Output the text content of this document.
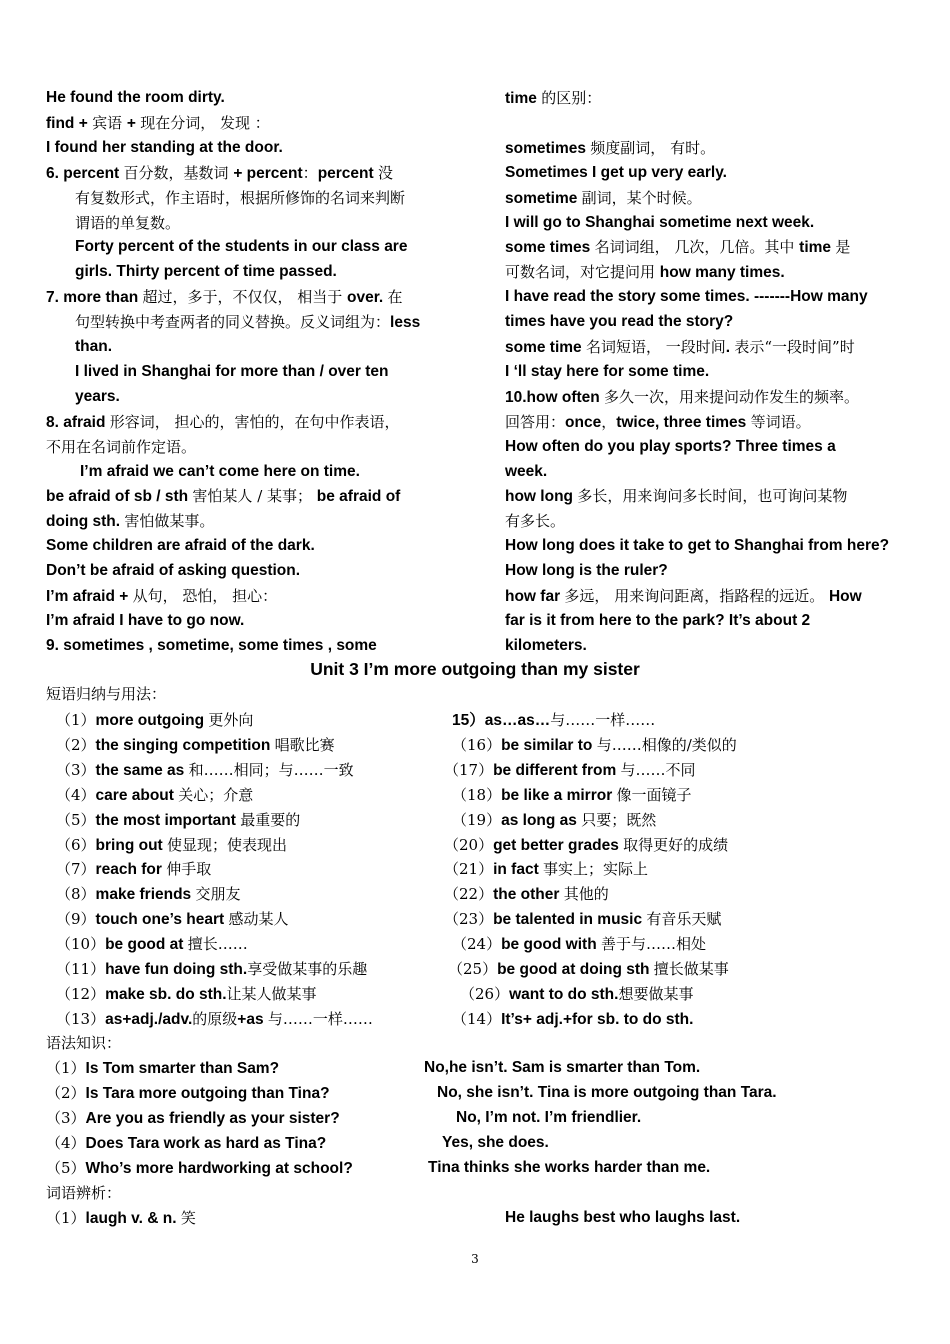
He found the room dirty.
find + 宾语 + 现在分词， 发现 ：
I found her standing at the door.
6. percent 百分数，基数词 + percent：percent 没
有复数形式，作主语时，根据所修饰的名词来判断
谓语的单复数。
Forty percent of the students in our class are
girls. Thirty percent of time passed.
7. more than 超过，多于，不仅仅， 相当于 over. 在
句型转换中考查两者的同义替换。反义词组为：less
than.
I lived in Shanghai for more than / over ten
years.
8. afraid 形容词， 担心的，害怕的，在句中作表语，
不用在名词前作定语。
I’m afraid we can’t come here on time.
be afraid of sb / sth 害怕某人 / 某事； be afraid of
doing sth. 害怕做某事。
Some children are afraid of the dark.
Don’t be afraid of asking question.
I’m afraid + 从句， 恐怕， 担心：
I’m afraid I have to go now.
9. sometimes , sometime, some times , some
time 的区别：
sometimes 频度副词， 有时。
Sometimes I get up very early.
sometime 副词，某个时候。
I will go to Shanghai sometime next week.
some times 名词词组， 几次，几倍。其中 time 是
可数名词，对它提问用 how many times.
I have read the story some times. -------How many
times have you read the story?
some time 名词短语， 一段时间. 表示“一段时间”时
I ‘ll stay here for some time.
10.how often 多久一次，用来提问动作发生的频率。
回答用：once，twice, three times 等词语。
How often do you play sports? Three times a
week.
how long 多长，用来询问多长时间，也可询问某物
有多长。
How long does it take to get to Shanghai from here?
How long is the ruler?
how far 多远， 用来询问距离，指路程的远近。 How
far is it from here to the park? It’s about 2
kilometers.
Unit 3 I’m more outgoing than my sister
短语归纳与用法：
（1）more outgoing 更外向
（2）the singing competition 唱歌比赛
（3）the same as 和……相同；与……一致
（4）care about 关心；介意
（5）the most important 最重要的
（6）bring out 使显现；使表现出
（7）reach for 伸手取
（8）make friends 交朋友
（9）touch one’s heart 感动某人
（10）be good at 擅长……
（11）have fun doing sth.享受做某事的乐趣
（12）make sb. do sth.让某人做某事
（13）as+adj./adv.的原级+as 与……一样……
15）as…as…与……一样……
（16）be similar to 与……相像的/类似的
（17）be different from 与……不同
（18）be like a mirror 像一面镜子
（19）as long as 只要；既然
（20）get better grades 取得更好的成绩
（21）in fact 事实上；实际上
（22）the other 其他的
（23）be talented in music 有音乐天赋
（24）be good with 善于与……相处
（25）be good at doing sth 擅长做某事
（26）want to do sth.想要做某事
（14）It’s+ adj.+for sb. to do sth.
语法知识：
（1）Is Tom smarter than Sam?	No,he isn’t. Sam is smarter than Tom.
（2）Is Tara more outgoing than Tina?	No, she isn’t. Tina is more outgoing than Tara.
（3）Are you as friendly as your sister?	No, I’m not. I’m friendlier.
（4）Does Tara work as hard as Tina?	Yes, she does.
（5）Who’s more hardworking at school?	Tina thinks she works harder than me.
词语辨析：
（1）laugh v. & n. 笑	He laughs best who laughs last.
3
